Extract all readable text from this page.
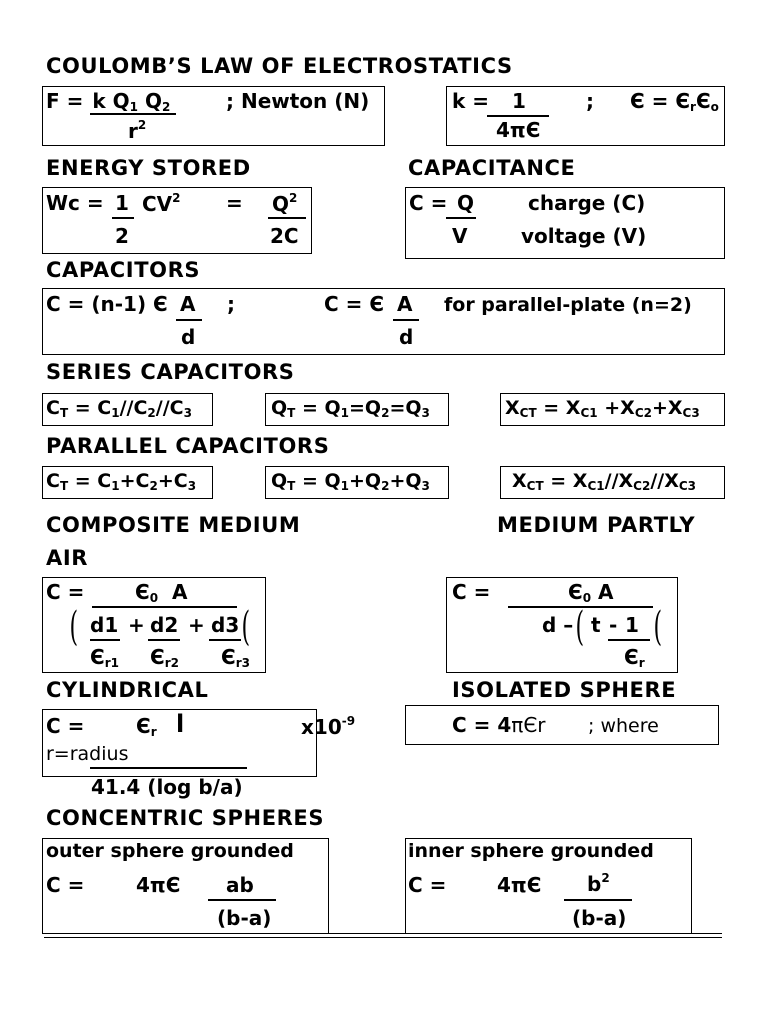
COULOMB’S LAW OF ELECTROSTATICS
F = k $Q_1$ $Q_2$	; Newton (N)
$r^2$
k = 1
4πЄ
; $Є = Є_rЄ_o$
ENERGY STORED
Wc = 1
2
$CV^2 = Q^2$
2C
CAPACITANCE
C = Q
V
charge (C)
voltage (V)
CAPACITORS
C = (n-1) Є A
d
;	C = Є A
d
for parallel-plate (n=2)
SERIES CAPACITORS
$C_T = C_1//C_2//C_3$	$Q_T = Q_1=Q_2=Q_3$	$X_{CT} = X_{C1} +X_{C2}+X_{C3}$
PARALLEL CAPACITORS
$C_T = C_1+C_2+C_3$	$Q_T = Q_1+Q_2+Q_3$	$X_{CT} = X_{C1}//X_{C2}//X_{C3}$
COMPOSITE MEDIUM	MEDIUM PARTLY
AIR
C =	$Є_0$ A
(	(
d1 + d2 + d3
$Є_{r1}$ $Є_{r2}$ $Є_{r3}$
C =	$Є_0$ A
d – ( t - 1
$Є_r$
(
CYLINDRICAL
C =	$Є_r$ l	$x10^{-9}$
r=radius
41.4 (log b/a)
ISOLATED SPHERE
C = 4πЄr ; where
CONCENTRIC SPHERES
outer sphere grounded
C =	4πЄ ab
(b-a)
inner sphere grounded
C =	4πЄ $b^2$
(b-a)
